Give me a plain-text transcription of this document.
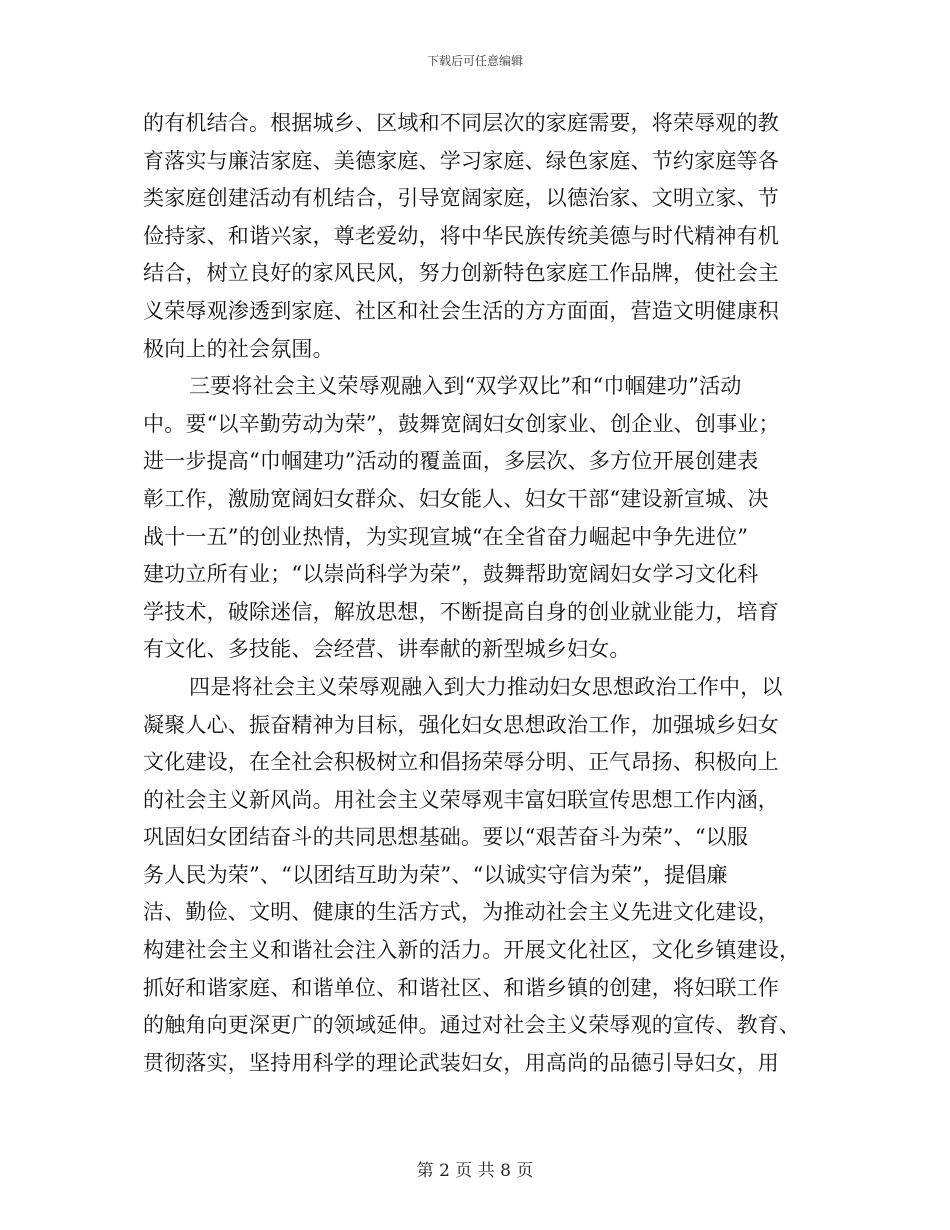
下载后可任意编辑
的有机结合。根据城乡、区域和不同层次的家庭需要，将荣辱观的教
育落实与廉洁家庭、美德家庭、学习家庭、绿色家庭、节约家庭等各
类家庭创建活动有机结合，引导宽阔家庭，以德治家、文明立家、节
俭持家、和谐兴家，尊老爱幼，将中华民族传统美德与时代精神有机
结合，树立良好的家风民风，努力创新特色家庭工作品牌，使社会主
义荣辱观渗透到家庭、社区和社会生活的方方面面，营造文明健康积
极向上的社会氛围。
三要将社会主义荣辱观融入到“双学双比”和“巾帼建功”活动
中。要“以辛勤劳动为荣”，鼓舞宽阔妇女创家业、创企业、创事业；
进一步提高“巾帼建功”活动的覆盖面，多层次、多方位开展创建表
彰工作，激励宽阔妇女群众、妇女能人、妇女干部“建设新宣城、决
战十一五”的创业热情，为实现宣城“在全省奋力崛起中争先进位”
建功立所有业；“以崇尚科学为荣”，鼓舞帮助宽阔妇女学习文化科
学技术，破除迷信，解放思想，不断提高自身的创业就业能力，培育
有文化、多技能、会经营、讲奉献的新型城乡妇女。
四是将社会主义荣辱观融入到大力推动妇女思想政治工作中，以
凝聚人心、振奋精神为目标，强化妇女思想政治工作，加强城乡妇女
文化建设，在全社会积极树立和倡扬荣辱分明、正气昂扬、积极向上
的社会主义新风尚。用社会主义荣辱观丰富妇联宣传思想工作内涵，
巩固妇女团结奋斗的共同思想基础。要以“艰苦奋斗为荣”、“以服
务人民为荣”、“以团结互助为荣”、“以诚实守信为荣”，提倡廉
洁、勤俭、文明、健康的生活方式，为推动社会主义先进文化建设，
构建社会主义和谐社会注入新的活力。开展文化社区，文化乡镇建设，
抓好和谐家庭、和谐单位、和谐社区、和谐乡镇的创建，将妇联工作
的触角向更深更广的领域延伸。通过对社会主义荣辱观的宣传、教育、
贯彻落实，坚持用科学的理论武装妇女，用高尚的品德引导妇女，用
第 2 页 共 8 页
